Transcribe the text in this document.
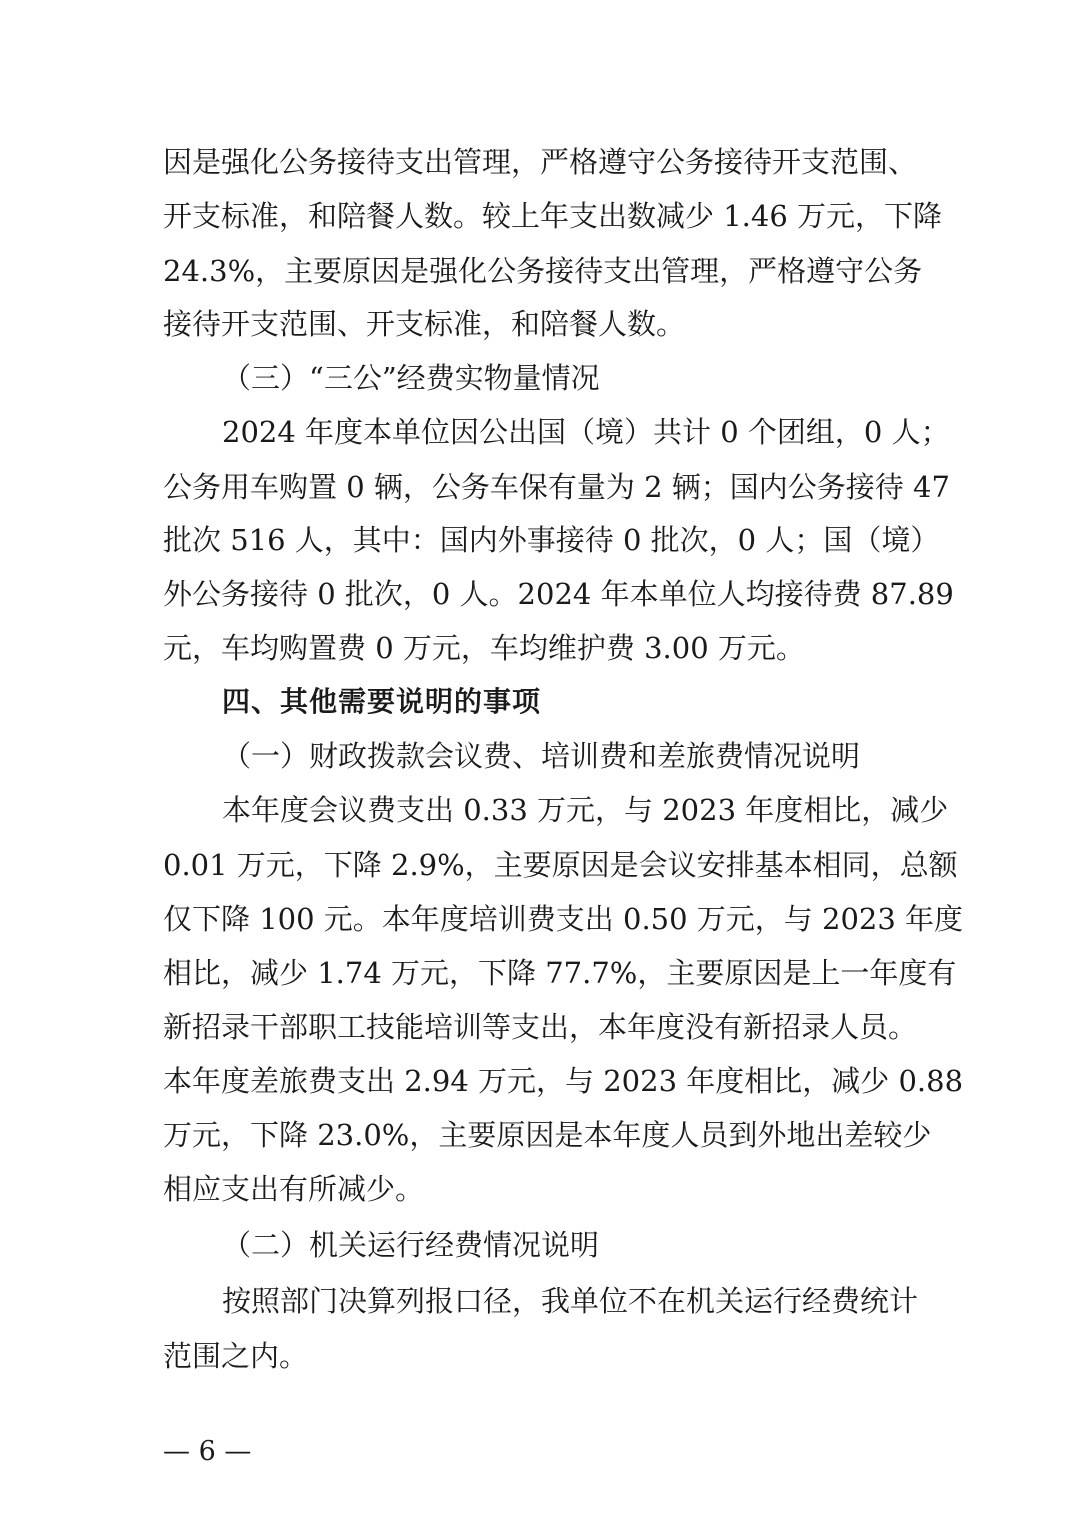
因是强化公务接待支出管理，严格遵守公务接待开支范围、
开支标准，和陪餐人数。较上年支出数减少 1.46 万元，下降
24.3%，主要原因是强化公务接待支出管理，严格遵守公务
接待开支范围、开支标准，和陪餐人数。
（三）“三公”经费实物量情况
2024 年度本单位因公出国（境）共计 0 个团组，0 人；
公务用车购置 0 辆，公务车保有量为 2 辆；国内公务接待 47
批次 516 人，其中：国内外事接待 0 批次，0 人；国（境）
外公务接待 0 批次，0 人。2024 年本单位人均接待费 87.89
元，车均购置费 0 万元，车均维护费 3.00 万元。
四、其他需要说明的事项
（一）财政拨款会议费、培训费和差旅费情况说明
本年度会议费支出 0.33 万元，与 2023 年度相比，减少
0.01 万元，下降 2.9%，主要原因是会议安排基本相同，总额
仅下降 100 元。本年度培训费支出 0.50 万元，与 2023 年度
相比，减少 1.74 万元，下降 77.7%，主要原因是上一年度有
新招录干部职工技能培训等支出，本年度没有新招录人员。
本年度差旅费支出 2.94 万元，与 2023 年度相比，减少 0.88
万元，下降 23.0%，主要原因是本年度人员到外地出差较少
相应支出有所减少。
（二）机关运行经费情况说明
按照部门决算列报口径，我单位不在机关运行经费统计
范围之内。
— 6 —
